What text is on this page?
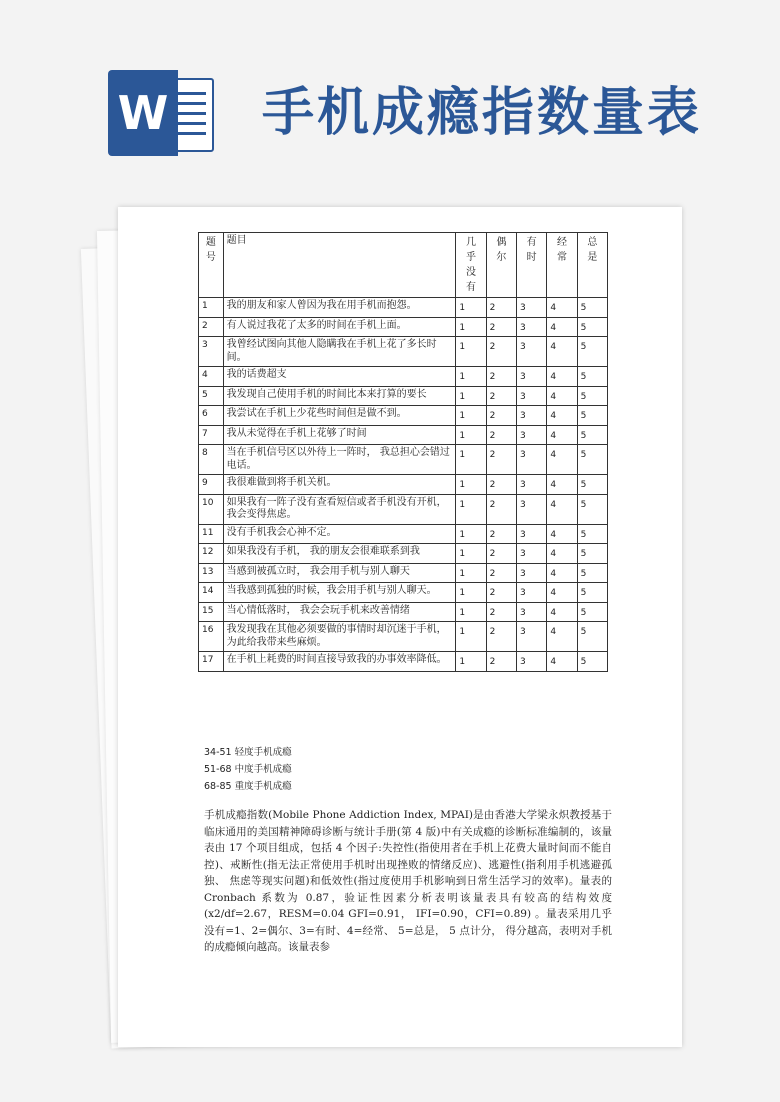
W 手机成瘾指数量表
题号	题目	几乎没有	偶尔	有时	经常	总是

1	我的朋友和家人曾因为我在用手机而抱怨。	1	2	3	4	5
2	有人说过我花了太多的时间在手机上面。	1	2	3	4	5
3	我曾经试图向其他人隐瞒我在手机上花了多长时间。	1	2	3	4	5
4	我的话费超支	1	2	3	4	5
5	我发现自己使用手机的时间比本来打算的要长	1	2	3	4	5
6	我尝试在手机上少花些时间但是做不到。	1	2	3	4	5
7	我从未觉得在手机上花够了时间	1	2	3	4	5
8	当在手机信号区以外待上一阵时， 我总担心会错过电话。	1	2	3	4	5
9	我很难做到将手机关机。	1	2	3	4	5
10	如果我有一阵子没有查看短信或者手机没有开机， 我会变得焦虑。	1	2	3	4	5
11	没有手机我会心神不定。	1	2	3	4	5
12	如果我没有手机， 我的朋友会很难联系到我	1	2	3	4	5
13	当感到被孤立时， 我会用手机与别人聊天	1	2	3	4	5
14	当我感到孤独的时候，我会用手机与别人聊天。	1	2	3	4	5
15	当心情低落时， 我会会玩手机来改善情绪	1	2	3	4	5
16	我发现我在其他必须要做的事情时却沉迷于手机，为此给我带来些麻烦。	1	2	3	4	5
17	在手机上耗费的时间直接导致我的办事效率降低。	1	2	3	4	5
34-51 轻度手机成瘾
51-68 中度手机成瘾
68-85 重度手机成瘾
手机成瘾指数(Mobile Phone Addiction Index, MPAI)是由香港大学梁永炽教授基于临床通用的美国精神障碍诊断与统计手册(第 4 版)中有关成瘾的诊断标准编制的，该量表由 17 个项目组成，包括 4 个因子:失控性(指使用者在手机上花费大量时间而不能自控)、戒断性(指无法正常使用手机时出现挫败的情绪反应)、逃避性(指利用手机逃避孤独、 焦虑等现实问题)和低效性(指过度使用手机影响到日常生活学习的效率)。量表的 Cronbach 系数为 0.87，验证性因素分析表明该量表具有较高的结构效度(x2/df=2.67，RESM=0.04 GFI=0.91， IFI=0.90，CFI=0.89) 。量表采用几乎没有=1、2=偶尔、3=有时、4=经常、 5=总是， 5 点计分， 得分越高，表明对手机的成瘾倾向越高。该量表参
